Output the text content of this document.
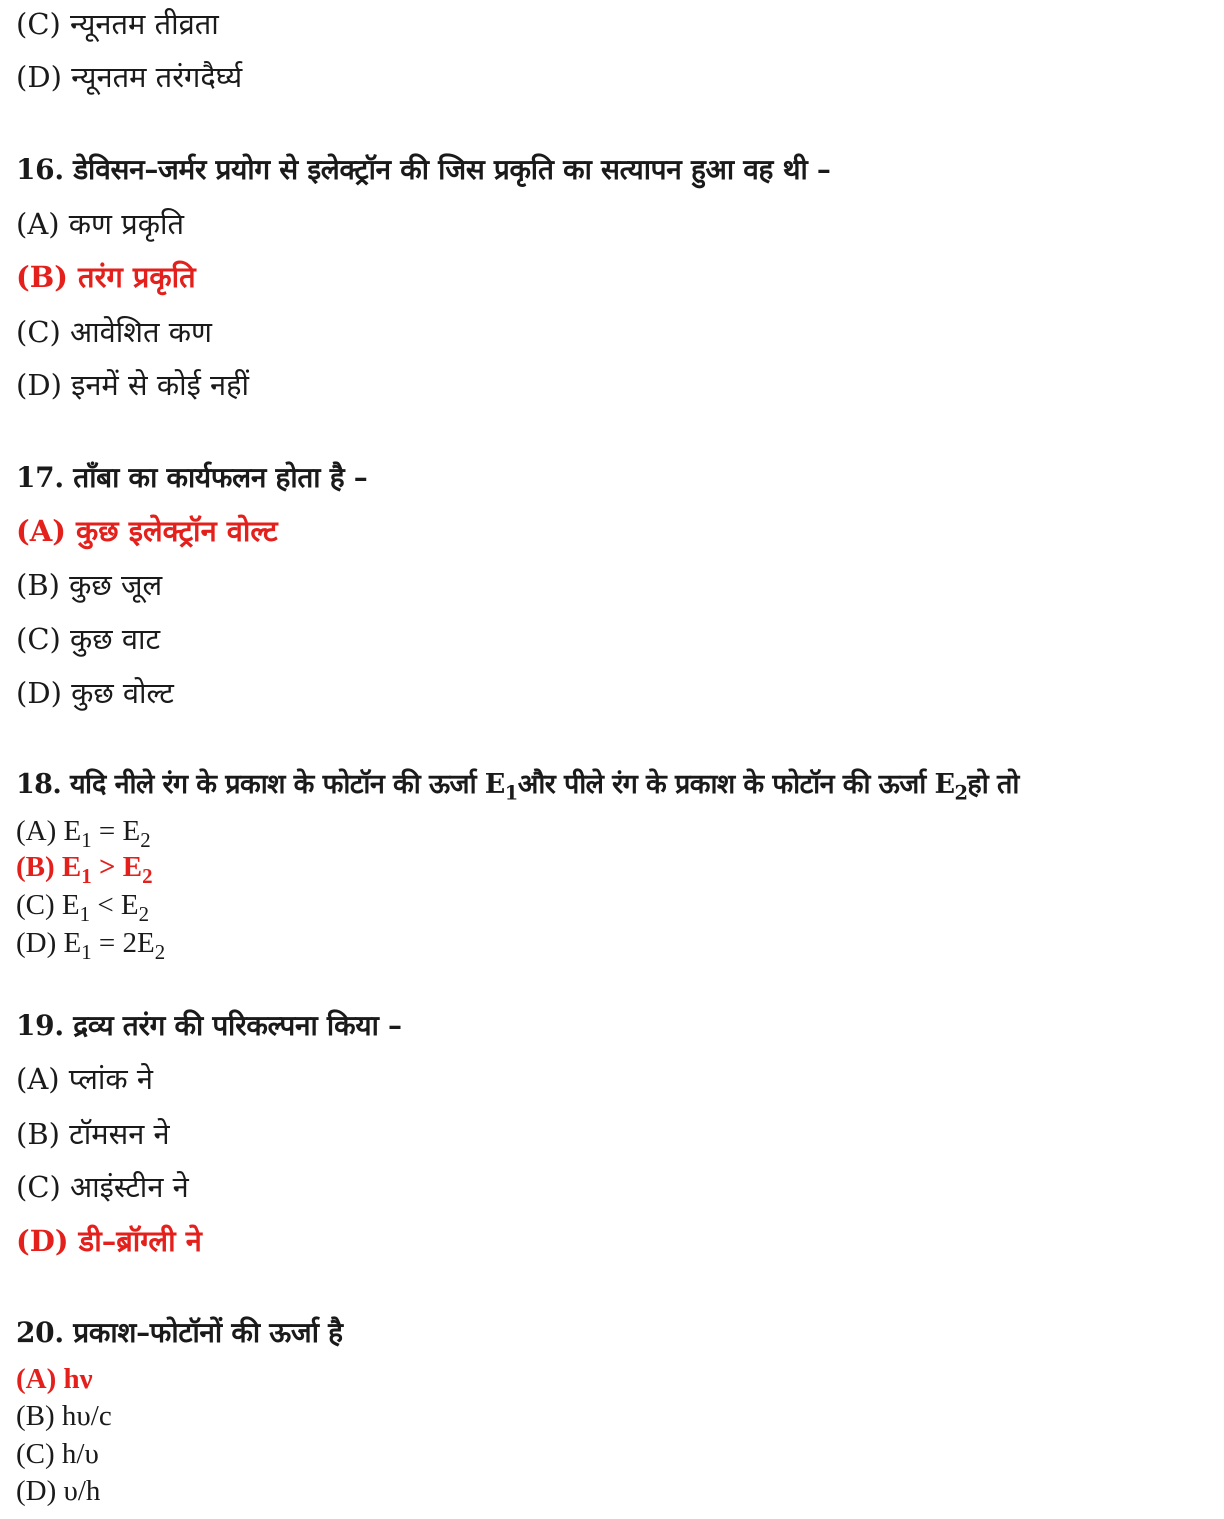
(C) न्यूनतम तीव्रता
(D) न्यूनतम तरंगदैर्घ्य
16. डेविसन–जर्मर प्रयोग से इलेक्ट्रॉन की जिस प्रकृति का सत्यापन हुआ वह थी –
(A) कण प्रकृति
(B) तरंग प्रकृति
(C) आवेशित कण
(D) इनमें से कोई नहीं
17. ताँबा का कार्यफलन होता है –
(A) कुछ इलेक्ट्रॉन वोल्ट
(B) कुछ जूल
(C) कुछ वाट
(D) कुछ वोल्ट
18. यदि नीले रंग के प्रकाश के फोटॉन की ऊर्जा $E_1और$ पीले रंग के प्रकाश के फोटॉन की ऊर्जा $E_2हो$ तो
(A) $E_1 = E_2$
(B) $E_1 > E_2$
(C) $E_1 < E_2$
(D) $E_1 = 2E_2$
19. द्रव्य तरंग की परिकल्पना किया –
(A) प्लांक ने
(B) टॉमसन ने
(C) आइंस्टीन ने
(D) डी–ब्रॉग्ली ने
20. प्रकाश–फोटॉनों की ऊर्जा है
(A) hν
(B) hυ/c
(C) h/υ
(D) υ/h
